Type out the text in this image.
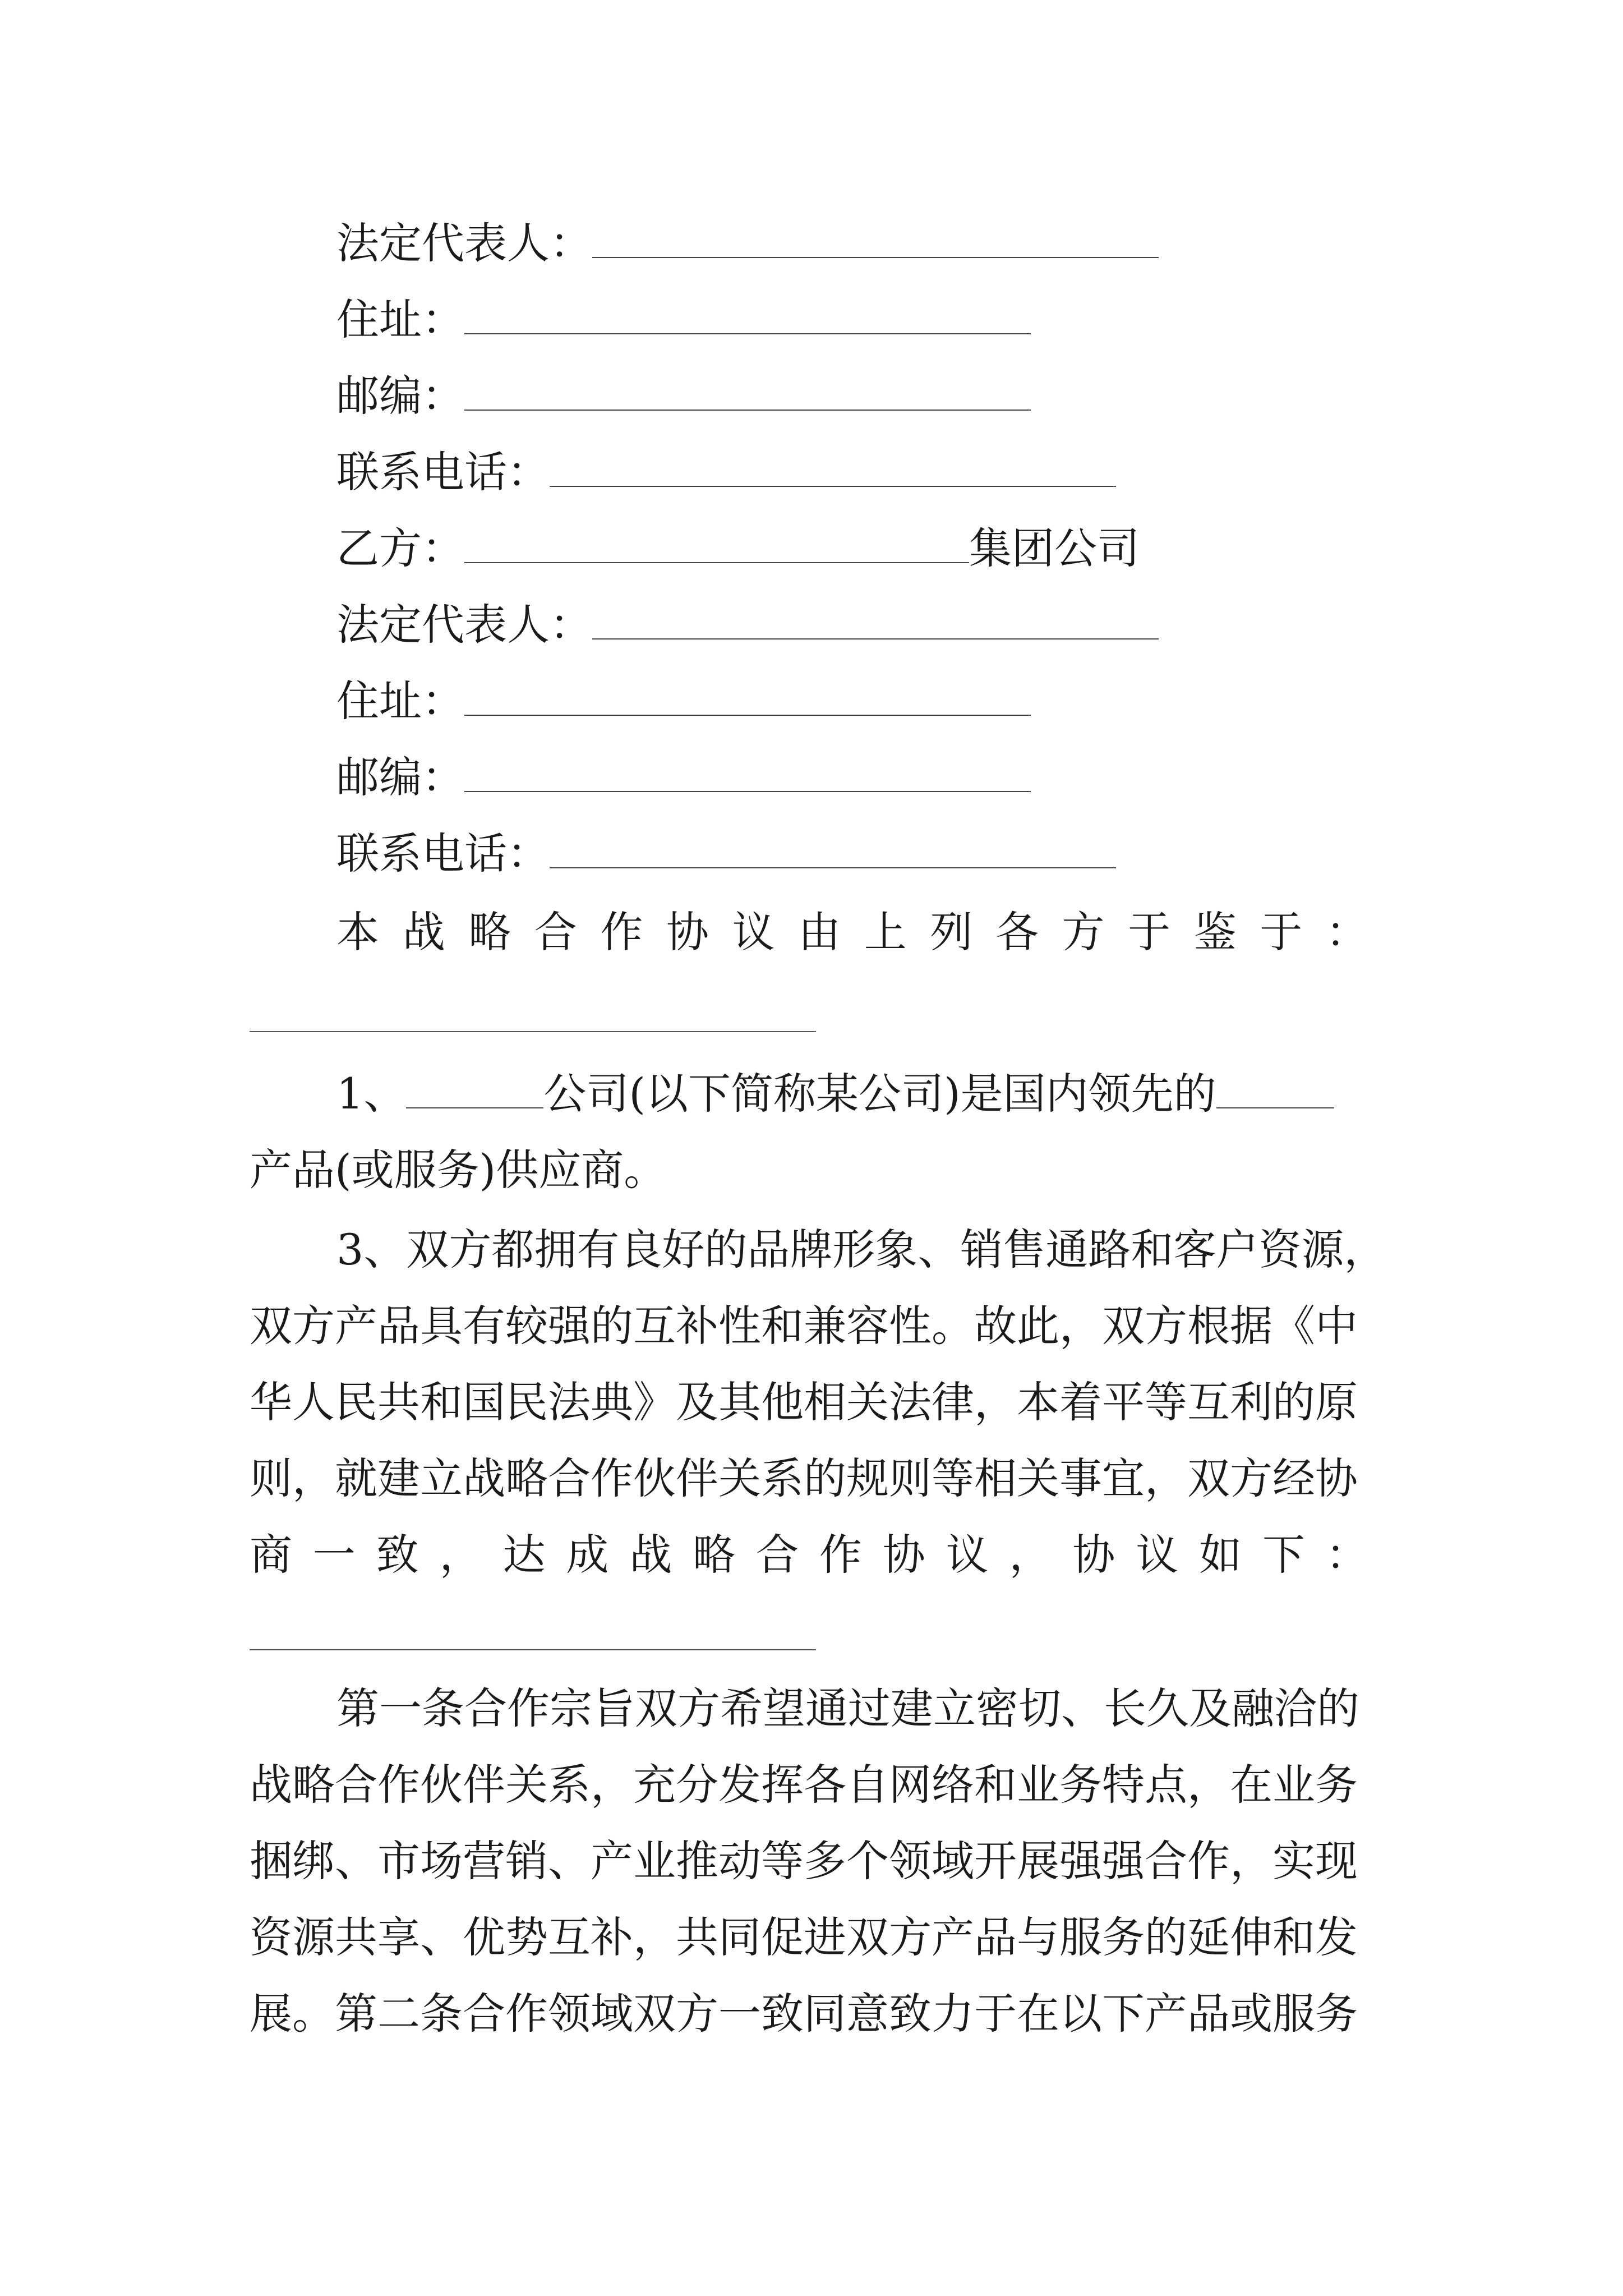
法定代表人：
住址：
邮编：
联系电话：
乙方：	集团公司
法定代表人：
住址：
邮编：
联系电话：
本 战 略 合 作 协 议 由 上 列 各 方 于 鉴 于 ：
1、	公司(以下简称某公司)是国内领先的
产品(或服务)供应商。
3、双方都拥有良好的品牌形象、销售通路和客户资源，
双方产品具有较强的互补性和兼容性。故此，双方根据《中
华人民共和国民法典》及其他相关法律，本着平等互利的原
则，就建立战略合作伙伴关系的规则等相关事宜，双方经协
商 一 致 ， 达 成 战 略 合 作 协 议 ， 协 议 如 下 ：
第一条合作宗旨双方希望通过建立密切、长久及融洽的
战略合作伙伴关系，充分发挥各自网络和业务特点，在业务
捆绑、市场营销、产业推动等多个领域开展强强合作，实现
资源共享、优势互补，共同促进双方产品与服务的延伸和发
展。第二条合作领域双方一致同意致力于在以下产品或服务
